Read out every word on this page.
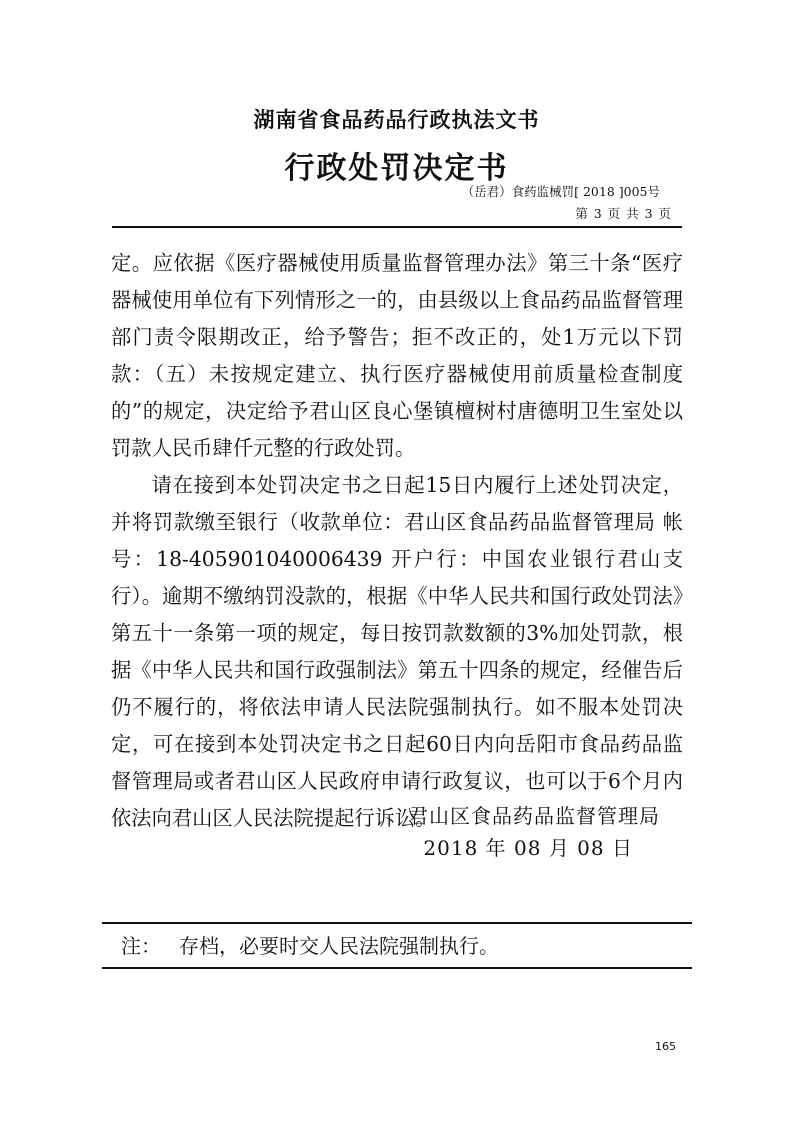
湖南省食品药品行政执法文书
行政处罚决定书
（岳君）食药监械罚[ 2018 ]005号
第 3 页 共 3 页

定。应依据《医疗器械使用质量监督管理办法》第三十条“医疗器械使用单位有下列情形之一的，由县级以上食品药品监督管理部门责令限期改正，给予警告；拒不改正的，处1万元以下罚款：（五）未按规定建立、执行医疗器械使用前质量检查制度的”的规定，决定给予君山区良心堡镇檀树村唐德明卫生室处以罚款人民币肆仟元整的行政处罚。

请在接到本处罚决定书之日起15日内履行上述处罚决定，并将罚款缴至银行（收款单位：君山区食品药品监督管理局 帐号：18-405901040006439 开户行：中国农业银行君山支行）。逾期不缴纳罚没款的，根据《中华人民共和国行政处罚法》第五十一条第一项的规定，每日按罚款数额的3%加处罚款，根据《中华人民共和国行政强制法》第五十四条的规定，经催告后仍不履行的，将依法申请人民法院强制执行。如不服本处罚决定，可在接到本处罚决定书之日起60日内向岳阳市食品药品监督管理局或者君山区人民政府申请行政复议，也可以于6个月内依法向君山区人民法院提起行诉讼。

君山区食品药品监督管理局
2018 年 08 月 08 日
注： 存档，必要时交人民法院强制执行。
165
